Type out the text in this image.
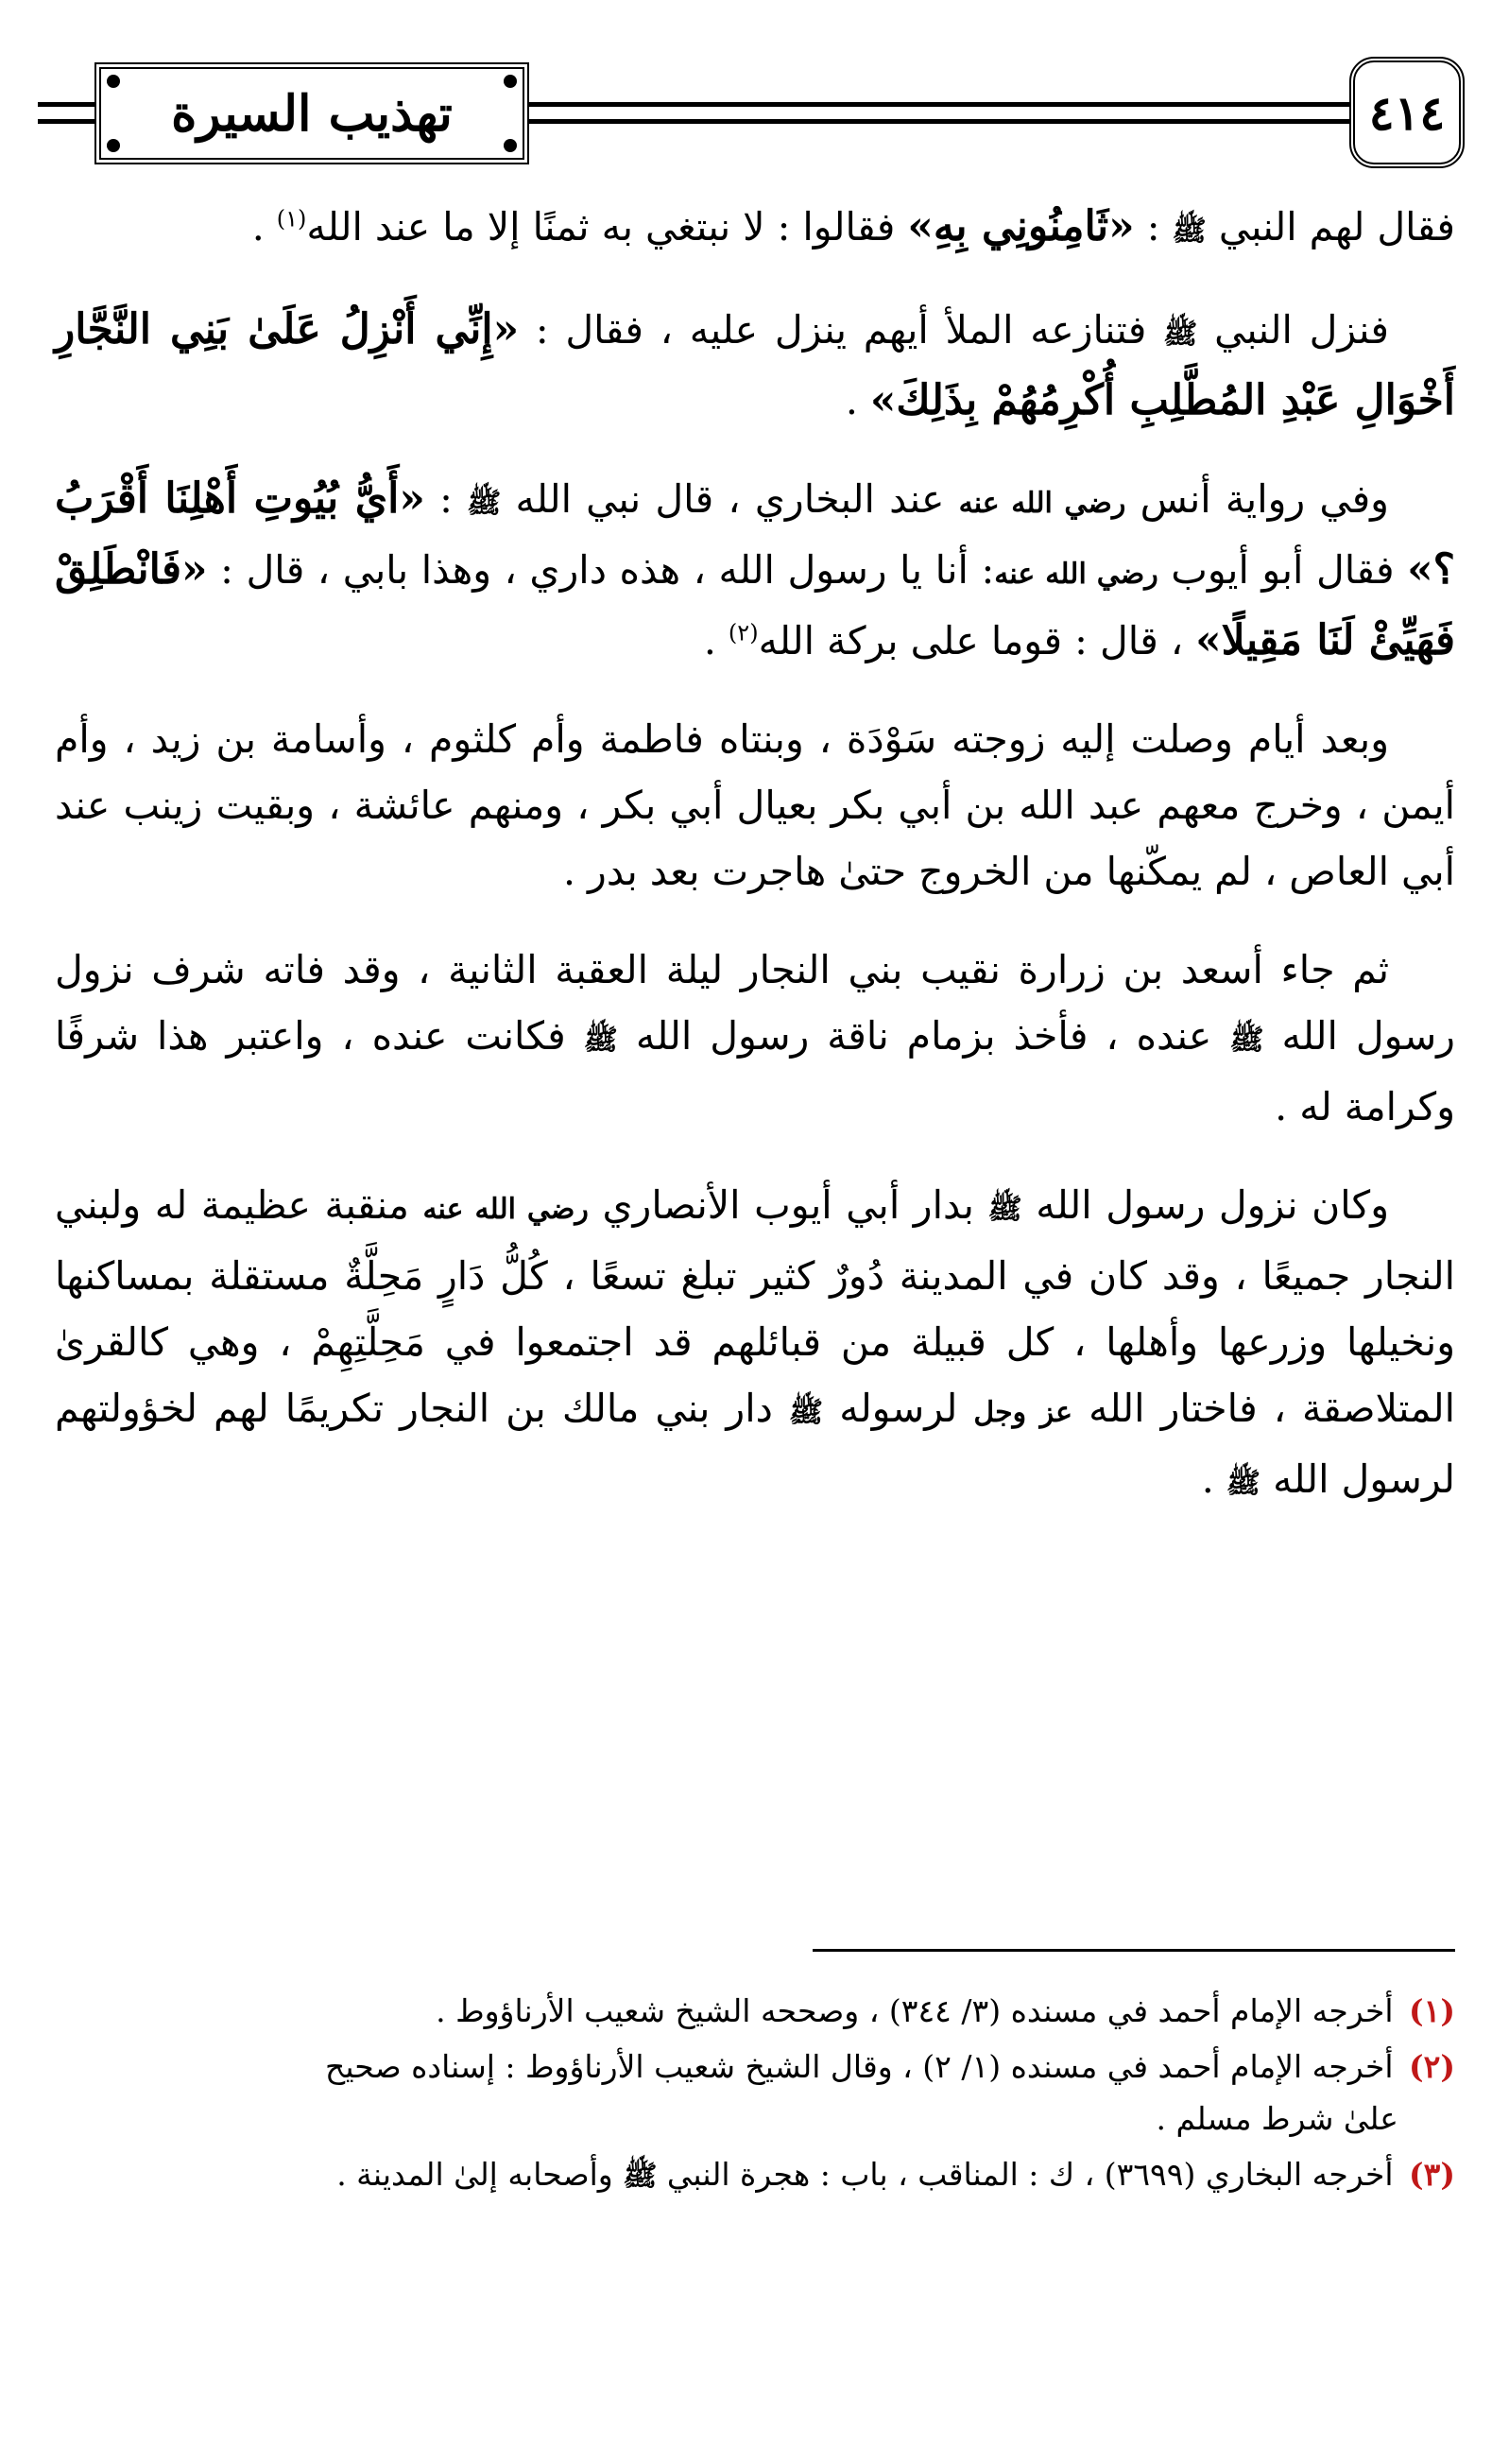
٤١٤
تهذيب السيرة

فقال لهم النبي ﷺ : «ثَامِنُونِي بِهِ» فقالوا : لا نبتغي به ثمنًا إلا ما عند الله$^{(١)}$ .

فنزل النبي ﷺ فتنازعه الملأ أيهم ينزل عليه ، فقال : «إِنِّي أَنْزِلُ عَلَىٰ بَنِي النَّجَّارِ أَخْوَالِ عَبْدِ المُطَّلِبِ أُكْرِمُهُمْ بِذَلِكَ» .

وفي رواية أنس رضي الله عنه عند البخاري ، قال نبي الله ﷺ : «أَيُّ بُيُوتِ أَهْلِنَا أَقْرَبُ ؟» فقال أبو أيوب رضي الله عنه: أنا يا رسول الله ، هذه داري ، وهذا بابي ، قال : «فَانْطَلِقْ فَهَيِّئْ لَنَا مَقِيلًا» ، قال : قوما على بركة الله$^{(٢)}$ .

وبعد أيام وصلت إليه زوجته سَوْدَة ، وبنتاه فاطمة وأم كلثوم ، وأسامة بن زيد ، وأم أيمن ، وخرج معهم عبد الله بن أبي بكر بعيال أبي بكر ، ومنهم عائشة ، وبقيت زينب عند أبي العاص ، لم يمكّنها من الخروج حتىٰ هاجرت بعد بدر .

ثم جاء أسعد بن زرارة نقيب بني النجار ليلة العقبة الثانية ، وقد فاته شرف نزول رسول الله ﷺ عنده ، فأخذ بزمام ناقة رسول الله ﷺ فكانت عنده ، واعتبر هذا شرفًا وكرامة له .

وكان نزول رسول الله ﷺ بدار أبي أيوب الأنصاري رضي الله عنه منقبة عظيمة له ولبني النجار جميعًا ، وقد كان في المدينة دُورٌ كثير تبلغ تسعًا ، كُلُّ دَارٍ مَحِلَّةٌ مستقلة بمساكنها ونخيلها وزرعها وأهلها ، كل قبيلة من قبائلهم قد اجتمعوا في مَحِلَّتِهِمْ ، وهي كالقرىٰ المتلاصقة ، فاختار الله عز وجل لرسوله ﷺ دار بني مالك بن النجار تكريمًا لهم لخؤولتهم لرسول الله ﷺ .

(١) أخرجه الإمام أحمد في مسنده (٣/ ٣٤٤) ، وصححه الشيخ شعيب الأرناؤوط .
(٢) أخرجه الإمام أحمد في مسنده (١/ ٢) ، وقال الشيخ شعيب الأرناؤوط : إسناده صحيح
علىٰ شرط مسلم .
(٣) أخرجه البخاري (٣٦٩٩) ، ك : المناقب ، باب : هجرة النبي ﷺ وأصحابه إلىٰ المدينة .
